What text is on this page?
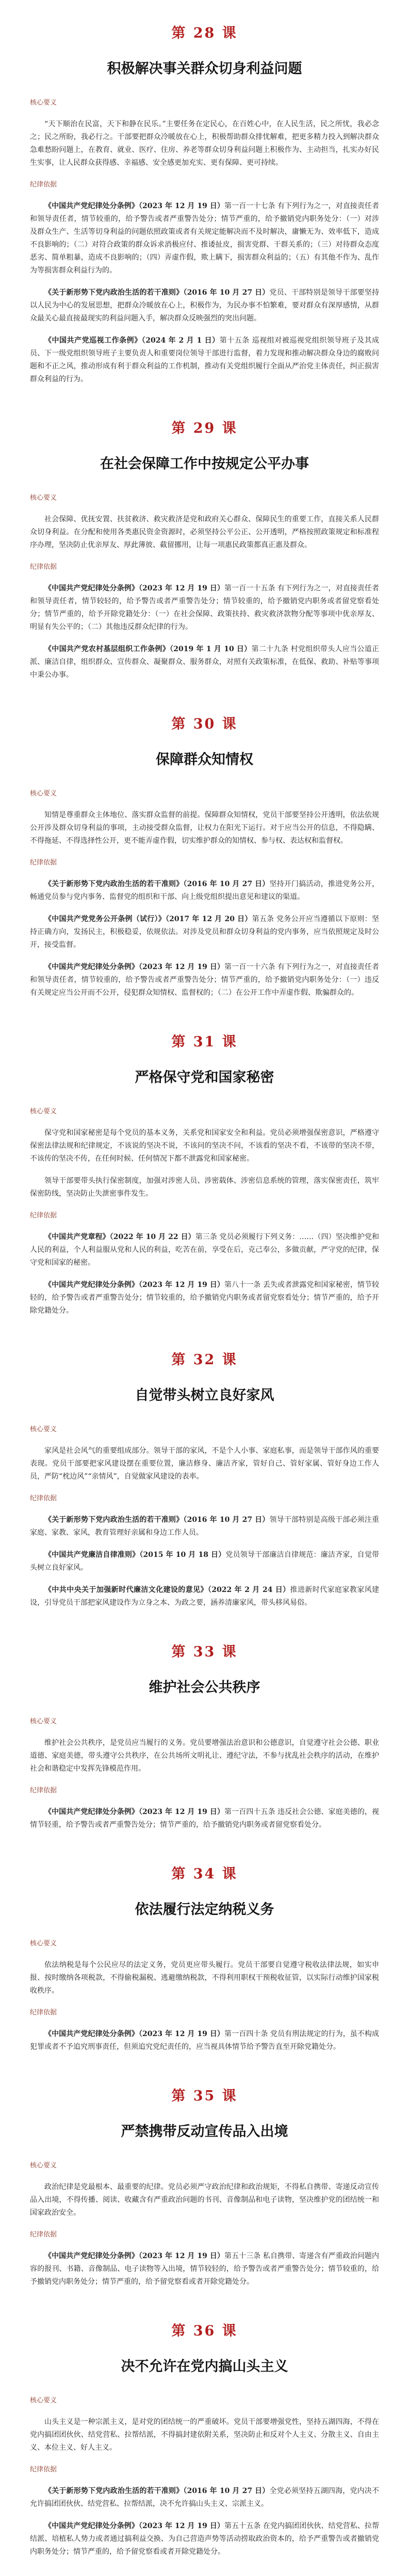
第 28 课
积极解决事关群众切身利益问题
核心要义

“天下顺治在民富，天下和静在民乐。”主要任务在定民心，在百姓心中，在人民生活，民之所忧，我必念之；民之所盼，我必行之。干部要把群众冷暖放在心上，积极帮助群众排忧解难，把更多精力投入到解决群众急难愁盼问题上，在教育、就业、医疗、住房、养老等群众切身利益问题上积极作为、主动担当，扎实办好民生实事，让人民群众获得感、幸福感、安全感更加充实、更有保障、更可持续。

纪律依据

《中国共产党纪律处分条例》（2023 年 12 月 19 日）第一百一十七条 有下列行为之一，对直接责任者和领导责任者，情节较重的，给予警告或者严重警告处分；情节严重的，给予撤销党内职务处分：（一）对涉及群众生产、生活等切身利益的问题依照政策或者有关规定能解决而不及时解决，庸懒无为、效率低下，造成不良影响的；（二）对符合政策的群众诉求消极应付、推诿扯皮，损害党群、干群关系的；（三）对待群众态度恶劣、简单粗暴，造成不良影响的；（四）弄虚作假，欺上瞒下，损害群众利益的；（五）有其他不作为、乱作为等损害群众利益行为的。

《关于新形势下党内政治生活的若干准则》（2016 年 10 月 27 日）党员、干部特别是领导干部要坚持以人民为中心的发展思想，把群众冷暖放在心上，积极作为，为民办事不怕繁难，要对群众有深厚感情，从群众最关心最直接最现实的利益问题入手，解决群众反映强烈的突出问题。

《中国共产党巡视工作条例》（2024 年 2 月 1 日）第十五条 巡视组对被巡视党组织领导班子及其成员、下一级党组织领导班子主要负责人和重要岗位领导干部进行监督，着力发现和推动解决群众身边的腐败问题和不正之风，推动形成有利于群众利益的工作机制，推动有关党组织履行全面从严治党主体责任，纠正损害群众利益的行为。

第 29 课
在社会保障工作中按规定公平办事
核心要义

社会保障、优抚安置、扶贫救济、救灾救济是党和政府关心群众、保障民生的重要工作，直接关系人民群众切身利益。在分配和使用各类惠民资金资源时，必须坚持公平公正、公开透明，严格按照政策规定和标准程序办理，坚决防止优亲厚友、厚此薄彼、截留挪用，让每一项惠民政策都真正惠及群众。

纪律依据

《中国共产党纪律处分条例》（2023 年 12 月 19 日）第一百一十五条 有下列行为之一，对直接责任者和领导责任者，情节较轻的，给予警告或者严重警告处分；情节较重的，给予撤销党内职务或者留党察看处分；情节严重的，给予开除党籍处分：（一）在社会保障、政策扶持、救灾救济款物分配等事项中优亲厚友、明显有失公平的；（二）其他违反群众纪律的行为。

《中国共产党农村基层组织工作条例》（2019 年 1 月 10 日）第二十九条 村党组织带头人应当公道正派、廉洁自律，组织群众、宣传群众、凝聚群众、服务群众，对照有关政策标准，在低保、救助、补贴等事项中秉公办事。

第 30 课
保障群众知情权
核心要义

知情是尊重群众主体地位、落实群众监督的前提。保障群众知情权，党员干部要坚持公开透明，依法依规公开涉及群众切身利益的事项，主动接受群众监督，让权力在阳光下运行。对于应当公开的信息，不得隐瞒、不得拖延、不得选择性公开，更不能弄虚作假，切实维护群众的知情权、参与权、表达权和监督权。

纪律依据

《关于新形势下党内政治生活的若干准则》（2016 年 10 月 27 日）坚持开门搞活动，推进党务公开，畅通党员参与党内事务、监督党的组织和干部、向上级党组织提出意见和建议的渠道。

《中国共产党党务公开条例（试行）》（2017 年 12 月 20 日）第五条 党务公开应当遵循以下原则：坚持正确方向，发扬民主，积极稳妥，依规依法。对涉及党员和群众切身利益的党内事务，应当依照规定及时公开，接受监督。

《中国共产党纪律处分条例》（2023 年 12 月 19 日）第一百一十六条 有下列行为之一，对直接责任者和领导责任者，情节较重的，给予警告或者严重警告处分；情节严重的，给予撤销党内职务处分：（一）违反有关规定应当公开而不公开，侵犯群众知情权、监督权的；（二）在公开工作中弄虚作假、欺骗群众的。

第 31 课
严格保守党和国家秘密
核心要义

保守党和国家秘密是每个党员的基本义务，关系党和国家安全和利益。党员必须增强保密意识，严格遵守保密法律法规和纪律规定，不该说的坚决不说，不该问的坚决不问，不该看的坚决不看，不该带的坚决不带，不该传的坚决不传，在任何时候、任何情况下都不泄露党和国家秘密。

领导干部要带头执行保密制度，加强对涉密人员、涉密载体、涉密信息系统的管理，落实保密责任，筑牢保密防线，坚决防止失泄密事件发生。

纪律依据

《中国共产党章程》（2022 年 10 月 22 日）第三条 党员必须履行下列义务：……（四）坚决维护党和人民的利益，个人利益服从党和人民的利益，吃苦在前，享受在后，克己奉公，多做贡献，严守党的纪律，保守党和国家的秘密。

《中国共产党纪律处分条例》（2023 年 12 月 19 日）第八十一条 丢失或者泄露党和国家秘密，情节较轻的，给予警告或者严重警告处分；情节较重的，给予撤销党内职务或者留党察看处分；情节严重的，给予开除党籍处分。

第 32 课
自觉带头树立良好家风
核心要义

家风是社会风气的重要组成部分。领导干部的家风，不是个人小事、家庭私事，而是领导干部作风的重要表现。党员干部要把家风建设摆在重要位置，廉洁修身、廉洁齐家，管好自己、管好家属、管好身边工作人员，严防“枕边风”“亲情风”，自觉做家风建设的表率。

纪律依据

《关于新形势下党内政治生活的若干准则》（2016 年 10 月 27 日）领导干部特别是高级干部必须注重家庭、家教、家风，教育管理好亲属和身边工作人员。

《中国共产党廉洁自律准则》（2015 年 10 月 18 日）党员领导干部廉洁自律规范：廉洁齐家，自觉带头树立良好家风。

《中共中央关于加强新时代廉洁文化建设的意见》（2022 年 2 月 24 日）推进新时代家庭家教家风建设，引导党员干部把家风建设作为立身之本、为政之要，涵养清廉家风，带头移风易俗。

第 33 课
维护社会公共秩序
核心要义

维护社会公共秩序，是党员应当履行的义务。党员要增强法治意识和公德意识，自觉遵守社会公德、职业道德、家庭美德，带头遵守公共秩序，在公共场所文明礼让、遵纪守法，不参与扰乱社会秩序的活动，在维护社会和谐稳定中发挥先锋模范作用。

纪律依据

《中国共产党纪律处分条例》（2023 年 12 月 19 日）第一百四十五条 违反社会公德、家庭美德的，视情节轻重，给予警告或者严重警告处分；情节严重的，给予撤销党内职务或者留党察看处分。

第 34 课
依法履行法定纳税义务
核心要义

依法纳税是每个公民应尽的法定义务，党员更应带头履行。党员干部要自觉遵守税收法律法规，如实申报、按时缴纳各项税款，不得偷税漏税、逃避缴纳税款，不得利用职权干预税收征管，以实际行动维护国家税收秩序。

纪律依据

《中国共产党纪律处分条例》（2023 年 12 月 19 日）第一百四十条 党员有刑法规定的行为，虽不构成犯罪或者不予追究刑事责任，但须追究党纪责任的，应当视具体情节给予警告直至开除党籍处分。

第 35 课
严禁携带反动宣传品入出境
核心要义

政治纪律是党最根本、最重要的纪律。党员必须严守政治纪律和政治规矩，不得私自携带、寄递反动宣传品入出境，不得传播、阅读、收藏含有严重政治问题的书刊、音像制品和电子读物，坚决维护党的团结统一和国家政治安全。

纪律依据

《中国共产党纪律处分条例》（2023 年 12 月 19 日）第五十三条 私自携带、寄递含有严重政治问题内容的报刊、书籍、音像制品、电子读物等入出境，情节较轻的，给予警告或者严重警告处分；情节较重的，给予撤销党内职务处分；情节严重的，给予留党察看或者开除党籍处分。

第 36 课
决不允许在党内搞山头主义
核心要义

山头主义是一种宗派主义，是对党的团结统一的严重破坏。党员干部要增强党性，坚持五湖四海，不得在党内搞团团伙伙、结党营私、拉帮结派，不得搞封建依附关系，坚决防止和反对个人主义、分散主义、自由主义、本位主义、好人主义。

纪律依据

《关于新形势下党内政治生活的若干准则》（2016 年 10 月 27 日）全党必须坚持五湖四海，党内决不允许搞团团伙伙、结党营私、拉帮结派，决不允许搞山头主义、宗派主义。

《中国共产党纪律处分条例》（2023 年 12 月 19 日）第五十五条 在党内搞团团伙伙、结党营私、拉帮结派、培植私人势力或者通过搞利益交换、为自己营造声势等活动捞取政治资本的，给予严重警告或者撤销党内职务处分；情节严重的，给予留党察看或者开除党籍处分。
